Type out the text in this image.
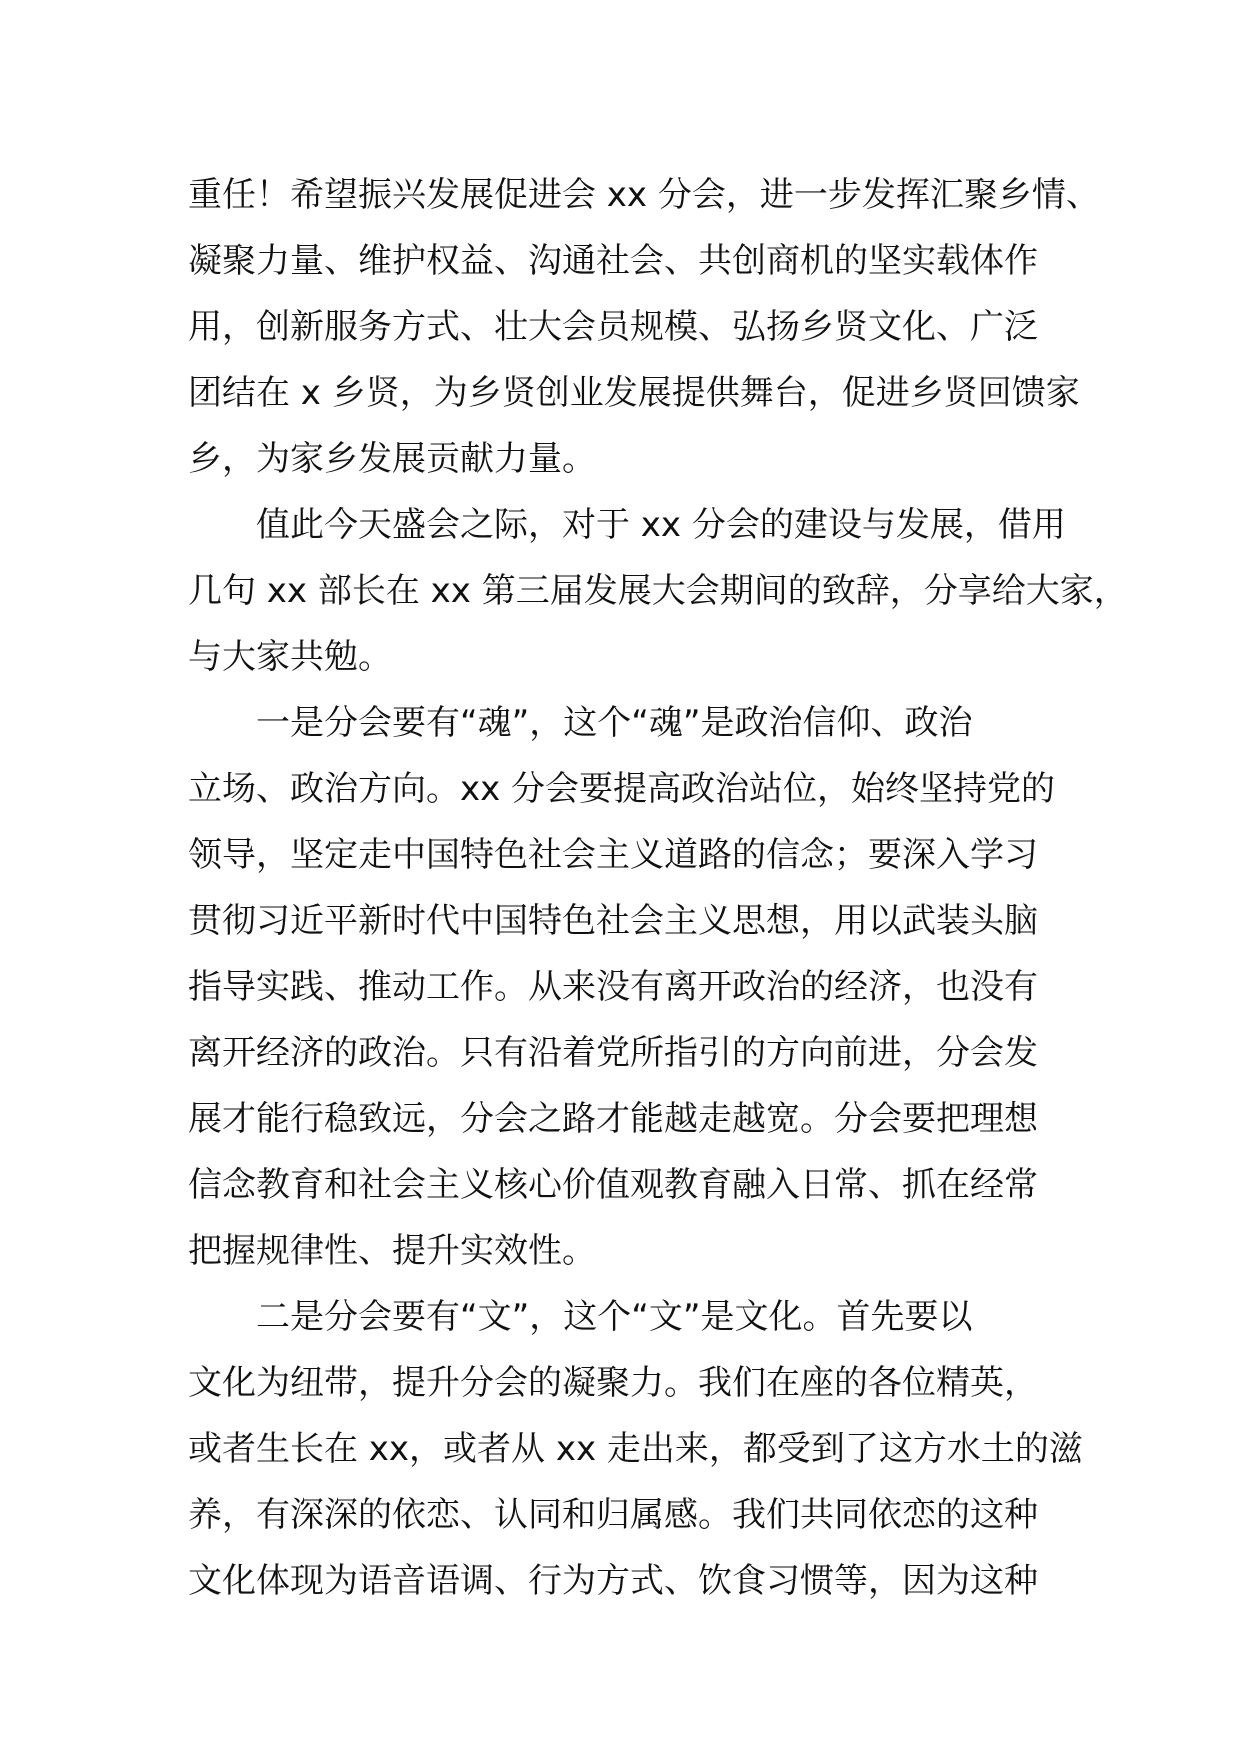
重任！希望振兴发展促进会 xx 分会，进一步发挥汇聚乡情、
凝聚力量、维护权益、沟通社会、共创商机的坚实载体作
用，创新服务方式、壮大会员规模、弘扬乡贤文化、广泛
团结在 x 乡贤，为乡贤创业发展提供舞台，促进乡贤回馈家
乡，为家乡发展贡献力量。
值此今天盛会之际，对于 xx 分会的建设与发展，借用
几句 xx 部长在 xx 第三届发展大会期间的致辞，分享给大家，
与大家共勉。
一是分会要有“魂”，这个“魂”是政治信仰、政治
立场、政治方向。xx 分会要提高政治站位，始终坚持党的
领导，坚定走中国特色社会主义道路的信念；要深入学习
贯彻习近平新时代中国特色社会主义思想，用以武装头脑
指导实践、推动工作。从来没有离开政治的经济，也没有
离开经济的政治。只有沿着党所指引的方向前进，分会发
展才能行稳致远，分会之路才能越走越宽。分会要把理想
信念教育和社会主义核心价值观教育融入日常、抓在经常
把握规律性、提升实效性。
二是分会要有“文”，这个“文”是文化。首先要以
文化为纽带，提升分会的凝聚力。我们在座的各位精英，
或者生长在 xx，或者从 xx 走出来，都受到了这方水土的滋
养，有深深的依恋、认同和归属感。我们共同依恋的这种
文化体现为语音语调、行为方式、饮食习惯等，因为这种
